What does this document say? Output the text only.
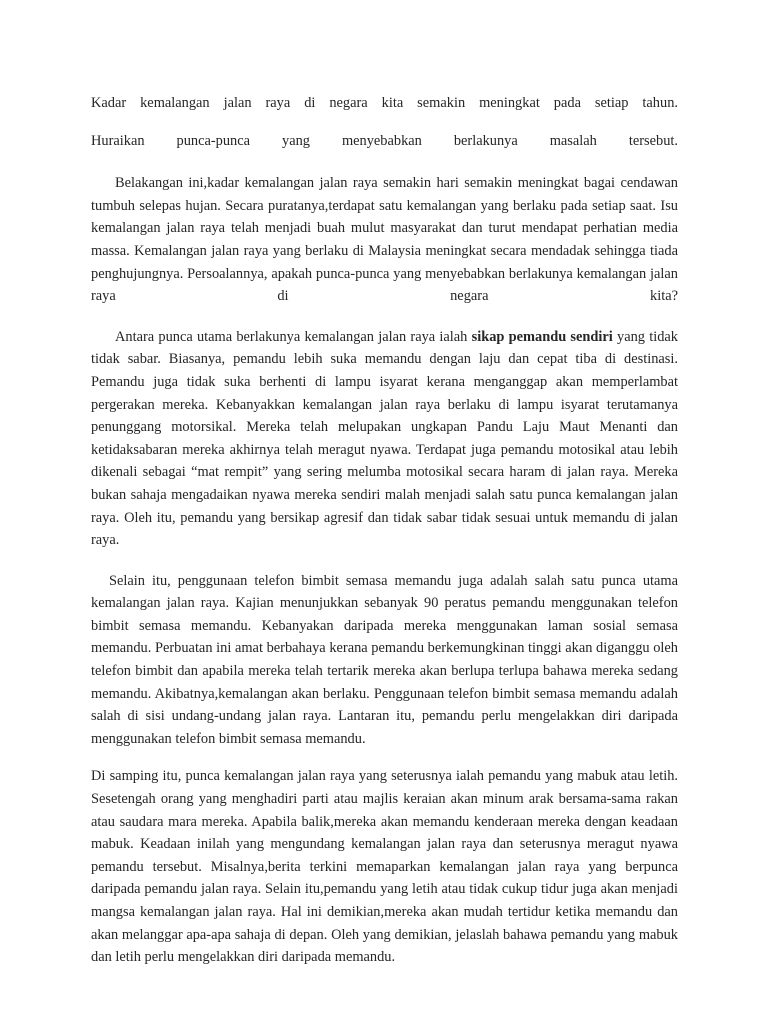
Kadar kemalangan jalan raya di negara kita semakin meningkat pada setiap tahun.

Huraikan punca-punca yang menyebabkan berlakunya masalah tersebut.

Belakangan ini,kadar kemalangan jalan raya semakin hari semakin meningkat bagai cendawan tumbuh selepas hujan. Secara puratanya,terdapat satu kemalangan yang berlaku pada setiap saat. Isu kemalangan jalan raya telah menjadi buah mulut masyarakat dan turut mendapat perhatian media massa. Kemalangan jalan raya yang berlaku di Malaysia meningkat secara mendadak sehingga tiada penghujungnya. Persoalannya, apakah punca-punca yang menyebabkan berlakunya kemalangan jalan raya di negara kita?

Antara punca utama berlakunya kemalangan jalan raya ialah sikap pemandu sendiri yang tidak tidak sabar. Biasanya, pemandu lebih suka memandu dengan laju dan cepat tiba di destinasi. Pemandu juga tidak suka berhenti di lampu isyarat kerana menganggap akan memperlambat pergerakan mereka. Kebanyakkan kemalangan jalan raya berlaku di lampu isyarat terutamanya penunggang motorsikal. Mereka telah melupakan ungkapan Pandu Laju Maut Menanti dan ketidaksabaran mereka akhirnya telah meragut nyawa. Terdapat juga pemandu motosikal atau lebih dikenali sebagai “mat rempit” yang sering melumba motosikal secara haram di jalan raya. Mereka bukan sahaja mengadaikan nyawa mereka sendiri malah menjadi salah satu punca kemalangan jalan raya. Oleh itu, pemandu yang bersikap agresif dan tidak sabar tidak sesuai untuk memandu di jalan raya.

Selain itu, penggunaan telefon bimbit semasa memandu juga adalah salah satu punca utama kemalangan jalan raya. Kajian menunjukkan sebanyak 90 peratus pemandu menggunakan telefon bimbit semasa memandu. Kebanyakan daripada mereka menggunakan laman sosial semasa memandu. Perbuatan ini amat berbahaya kerana pemandu berkemungkinan tinggi akan diganggu oleh telefon bimbit dan apabila mereka telah tertarik mereka akan berlupa terlupa bahawa mereka sedang memandu. Akibatnya,kemalangan akan berlaku. Penggunaan telefon bimbit semasa memandu adalah salah di sisi undang-undang jalan raya. Lantaran itu, pemandu perlu mengelakkan diri daripada menggunakan telefon bimbit semasa memandu.

Di samping itu, punca kemalangan jalan raya yang seterusnya ialah pemandu yang mabuk atau letih. Sesetengah orang yang menghadiri parti atau majlis keraian akan minum arak bersama-sama rakan atau saudara mara mereka. Apabila balik,mereka akan memandu kenderaan mereka dengan keadaan mabuk. Keadaan inilah yang mengundang kemalangan jalan raya dan seterusnya meragut nyawa pemandu tersebut. Misalnya,berita terkini memaparkan kemalangan jalan raya yang berpunca daripada pemandu jalan raya. Selain itu,pemandu yang letih atau tidak cukup tidur juga akan menjadi mangsa kemalangan jalan raya. Hal ini demikian,mereka akan mudah tertidur ketika memandu dan akan melanggar apa-apa sahaja di depan. Oleh yang demikian, jelaslah bahawa pemandu yang mabuk dan letih perlu mengelakkan diri daripada memandu.
